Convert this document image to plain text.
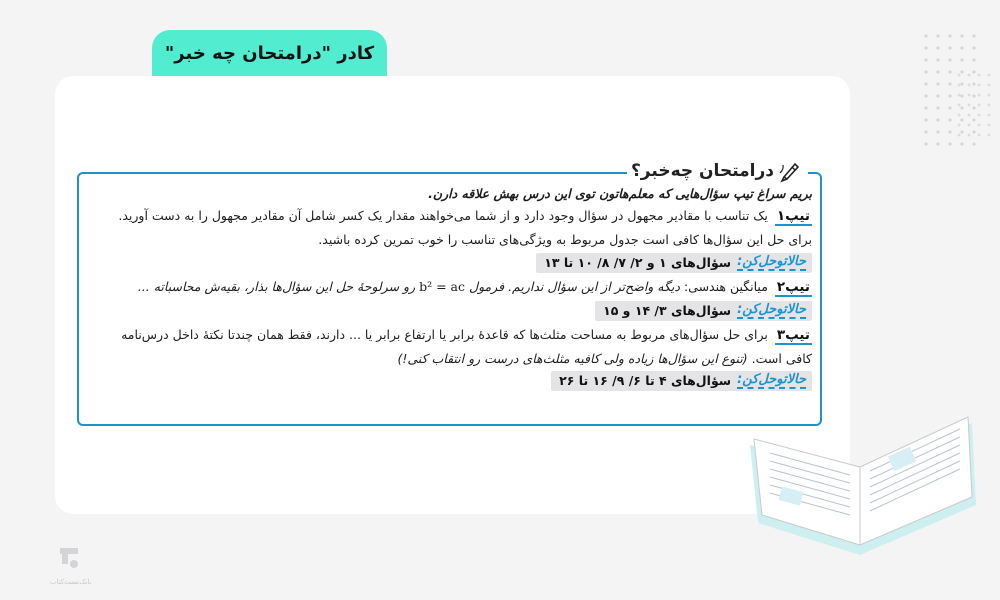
کادر "درامتحان چه خبر"
درامتحان چه‌خبر؟
بریم سراغ تیپ سؤال‌هایی که معلم‌هاتون توی این درس بهش علاقه دارن.
تیپ۱ یک تناسب با مقادیر مجهول در سؤال وجود دارد و از شما می‌خواهند مقدار یک کسر شامل آن مقادیر مجهول را به دست آورید.
برای حل این سؤال‌ها کافی است جدول مربوط به ویژگی‌های تناسب را خوب تمرین کرده باشید.
حالاتوحل‌کن:
سؤال‌های ۱ و ۲/ ۷/ ۸/ ۱۰ تا ۱۳
تیپ۲ میانگین هندسی: دیگه واضح‌تر از این سؤال نداریم. فرمول b² = ac رو سرلوحهٔ حل این سؤال‌ها بذار، بقیه‌ش محاسباته ...
حالاتوحل‌کن:
سؤال‌های ۳/ ۱۴ و ۱۵
تیپ۳ برای حل سؤال‌های مربوط به مساحت مثلث‌ها که قاعدهٔ برابر یا ارتفاع برابر یا ... دارند، فقط همان چندتا نکتهٔ داخل درس‌نامه
کافی است. (تنوع این سؤال‌ها زیاده ولی کافیه مثلث‌های درست رو انتقاب کنی!)
حالاتوحل‌کن:
سؤال‌های ۴ تا ۶/ ۹/ ۱۶ تا ۲۶
بانک‌تست‌کتاب
